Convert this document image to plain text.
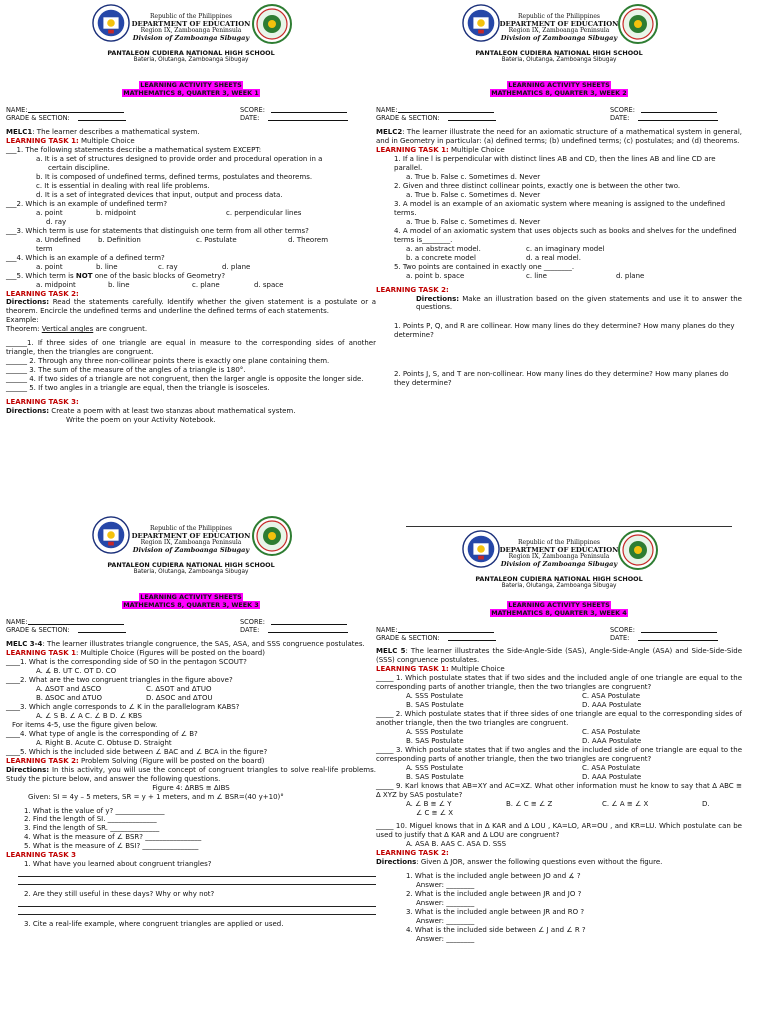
Republic of the Philippines
DEPARTMENT OF EDUCATION
Region IX, Zamboanga Peninsula
Division of Zamboanga Sibugay
PANTALEON CUDIERA NATIONAL HIGH SCHOOL
Bateria, Olutanga, Zamboanga Sibugay
LEARNING ACTIVITY SHEETS
MATHEMATICS 8, QUARTER 3, WEEK 1
NAME:	SCORE:
GRADE & SECTION:	DATE:

MELC1: The learner describes a mathematical system.

LEARNING TASK 1: Multiple Choice

___1. The following statements describe a mathematical system EXCEPT:

a. It is a set of structures designed to provide order and procedural operation in a

certain discipline.

b. It is composed of undefined terms, defined terms, postulates and theorems.

c. It is essential in dealing with real life problems.

d. It is a set of integrated devices that input, output and process data.

___2. Which is an example of undefined term?

a. point	b. midpoint	c. perpendicular lines

d. ray

___3. Which term is use for statements that distinguish one term from all other terms?

a. Undefined term
b. Definition	c. Postulate	d. Theorem

___4. Which is an example of a defined term?

a. point	b. line	c. ray	d. plane

___5. Which term is NOT one of the basic blocks of Geometry?

a. midpoint	b. line	c. plane	d. space

LEARNING TASK 2:

Directions: Read the statements carefully. Identify whether the given statement is a postulate or a theorem. Encircle the undefined terms and underline the defined terms of each statements.

Example:

Theorem: Vertical angles are congruent.

______1. If three sides of one triangle are equal in measure to the corresponding sides of another triangle, then the triangles are congruent.

______ 2. Through any three non-collinear points there is exactly one plane containing them.

______ 3. The sum of the measure of the angles of a triangle is 180°.

______ 4. If two sides of a triangle are not congruent, then the larger angle is opposite the longer side.

______ 5. If two angles in a triangle are equal, then the triangle is isosceles.

LEARNING TASK 3:

Directions: Create a poem with at least two stanzas about mathematical system.

Write the poem on your Activity Notebook.

Republic of the Philippines
DEPARTMENT OF EDUCATION
Region IX, Zamboanga Peninsula
Division of Zamboanga Sibugay
PANTALEON CUDIERA NATIONAL HIGH SCHOOL
Bateria, Olutanga, Zamboanga Sibugay
LEARNING ACTIVITY SHEETS
MATHEMATICS 8, QUARTER 3, WEEK 2
NAME:	SCORE:
GRADE & SECTION:	DATE:

MELC2: The learner illustrate the need for an axiomatic structure of a mathematical system in general, and in Geometry in particular: (a) defined terms; (b) undefined terms; (c) postulates; and (d) theorems.

LEARNING TASK 1: Multiple Choice

1. If a line l is perpendicular with distinct lines AB and CD, then the lines AB and line CD are parallel.

a. True b. False c. Sometimes d. Never

2. Given and three distinct collinear points, exactly one is between the other two.

a. True b. False c. Sometimes d. Never

3. A model is an example of an axiomatic system where meaning is assigned to the undefined terms.

a. True b. False c. Sometimes d. Never

4. A model of an axiomatic system that uses objects such as books and shelves for the undefined terms is________.

a. an abstract model.	c. an imaginary model
b. a concrete model	d. a real model.

5. Two points are contained in exactly one ________.

a. point b. space	c. line	d. plane

LEARNING TASK 2:

Directions: Make an illustration based on the given statements and use it to answer the questions.

1. Points P, Q, and R are collinear. How many lines do they determine? How many planes do they determine?

2. Points J, S, and T are non-collinear. How many lines do they determine? How many planes do they determine?

Republic of the Philippines
DEPARTMENT OF EDUCATION
Region IX, Zamboanga Peninsula
Division of Zamboanga Sibugay
PANTALEON CUDIERA NATIONAL HIGH SCHOOL
Bateria, Olutanga, Zamboanga Sibugay
LEARNING ACTIVITY SHEETS
MATHEMATICS 8, QUARTER 3, WEEK 3
NAME:	SCORE:
GRADE & SECTION:	DATE:

MELC 3-4: The learner illustrates triangle congruence, the SAS, ASA, and SSS congruence postulates.

LEARNING TASK 1: Multiple Choice (Figures will be posted on the board)

____1. What is the corresponding side of SO in the pentagon SCOUT?

A. ∡ B. UT C. OT D. CO

____2. What are the two congruent triangles in the figure above?

A. ∆SOT and ∆SCO	C. ∆SOT and ∆TUO
B. ∆SOC and ∆TUO	D. ∆SOC and ∆TOU

____3. Which angle corresponds to ∠ K in the parallelogram KABS?

A. ∠ S B. ∠ A C. ∠ B D. ∠ KBS

For items 4-5, use the figure given below.

____4. What type of angle is the corresponding of ∠ B?

A. Right B. Acute C. Obtuse D. Straight

____5. Which is the included side between ∠ BAC and ∠ BCA in the figure?

LEARNING TASK 2: Problem Solving (Figure will be posted on the board)

Directions: In this activity, you will use the concept of congruent triangles to solve real-life problems. Study the picture below, and answer the following questions.

Figure 4: ∆RBS ≅ ∆IBS

Given: SI = 4y – 5 meters, SR = y + 1 meters, and m ∠ BSR=(40 y+10)°

1. What is the value of y? ______________

2. Find the length of SI. ______________

3. Find the length of SR. ______________

4. What is the measure of ∠ BSR? ________________

5. What is the measure of ∠ BSI? ________________

LEARNING TASK 3

1. What have you learned about congruent triangles?

2. Are they still useful in these days? Why or why not?

3. Cite a real-life example, where congruent triangles are applied or used.

Republic of the Philippines
DEPARTMENT OF EDUCATION
Region IX, Zamboanga Peninsula
Division of Zamboanga Sibugay
PANTALEON CUDIERA NATIONAL HIGH SCHOOL
Bateria, Olutanga, Zamboanga Sibugay
LEARNING ACTIVITY SHEETS
MATHEMATICS 8, QUARTER 3, WEEK 4
NAME:	SCORE:
GRADE & SECTION:	DATE:

MELC 5: The learner illustrates the Side-Angle-Side (SAS), Angle-Side-Angle (ASA) and Side-Side-Side (SSS) congruence postulates.

LEARNING TASK 1: Multiple Choice

_____ 1. Which postulate states that if two sides and the included angle of one triangle are equal to the corresponding parts of another triangle, then the two triangles are congruent?

A. SSS Postulate	C. ASA Postulate
B. SAS Postulate	D. AAA Postulate

_____ 2. Which postulate states that if three sides of one triangle are equal to the corresponding sides of another triangle, then the two triangles are congruent.

A. SSS Postulate	C. ASA Postulate
B. SAS Postulate	D. AAA Postulate

_____ 3. Which postulate states that if two angles and the included side of one triangle are equal to the corresponding parts of another triangle, then the two triangles are congruent?

A. SSS Postulate	C. ASA Postulate
B. SAS Postulate	D. AAA Postulate

_____ 9. Karl knows that AB=XY and AC=XZ. What other information must he know to say that ∆ ABC ≅ ∆ XYZ by SAS postulate?

A. ∠ B ≅ ∠ Y	B. ∠ C ≅ ∠ Z	C. ∠ A ≅ ∠ X	D.

∠ C ≅ ∠ X

_____ 10. Miguel knows that in ∆ KAR and ∆ LOU , KA=LO, AR=OU , and KR=LU. Which postulate can be used to justify that ∆ KAR and ∆ LOU are congruent?

A. ASA B. AAS C. ASA D. SSS

LEARNING TASK 2:

Directions: Given ∆ JOR, answer the following questions even without the figure.

1. What is the included angle between JO and ∡ ?

Answer: ________

2. What is the included angle between JR and JO ?

Answer: ________

3. What is the included angle between JR and RO ?

Answer: ________

4. What is the included side between ∠ J and ∠ R ?

Answer: ________
